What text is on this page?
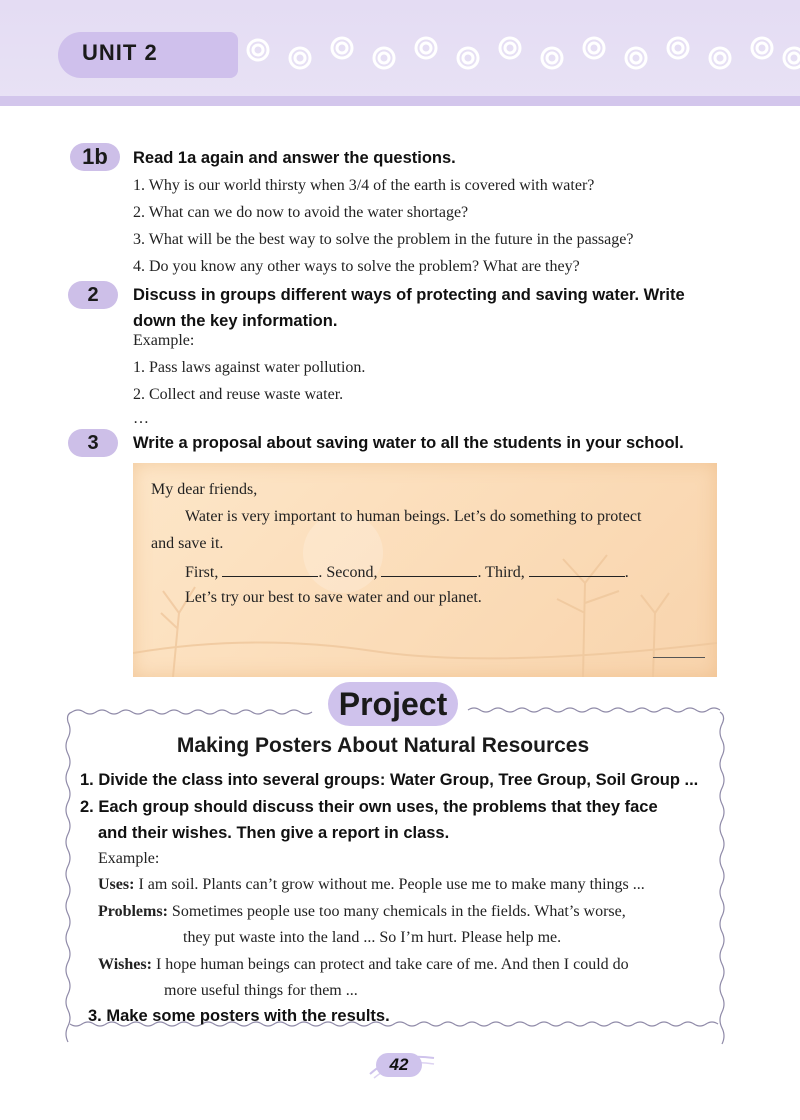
UNIT 2
1b	Read 1a again and answer the questions.
1. Why is our world thirsty when 3/4 of the earth is covered with water?
2. What can we do now to avoid the water shortage?
3. What will be the best way to solve the problem in the future in the passage?
4. Do you know any other ways to solve the problem? What are they?
2	Discuss in groups different ways of protecting and saving water. Write
down the key information.
Example:
1. Pass laws against water pollution.
2. Collect and reuse waste water.
…
3	Write a proposal about saving water to all the students in your school.
My dear friends,
Water is very important to human beings. Let’s do something to protect
and save it.
First,	. Second,	. Third,	.
Let’s try our best to save water and our planet.
Project
Making Posters About Natural Resources
1. Divide the class into several groups: Water Group, Tree Group, Soil Group ...
2. Each group should discuss their own uses, the problems that they face
and their wishes. Then give a report in class.
Example:
Uses: I am soil. Plants can’t grow without me. People use me to make many things ...
Problems: Sometimes people use too many chemicals in the fields. What’s worse,
they put waste into the land ... So I’m hurt. Please help me.
Wishes: I hope human beings can protect and take care of me. And then I could do
more useful things for them ...
3. Make some posters with the results.
42
